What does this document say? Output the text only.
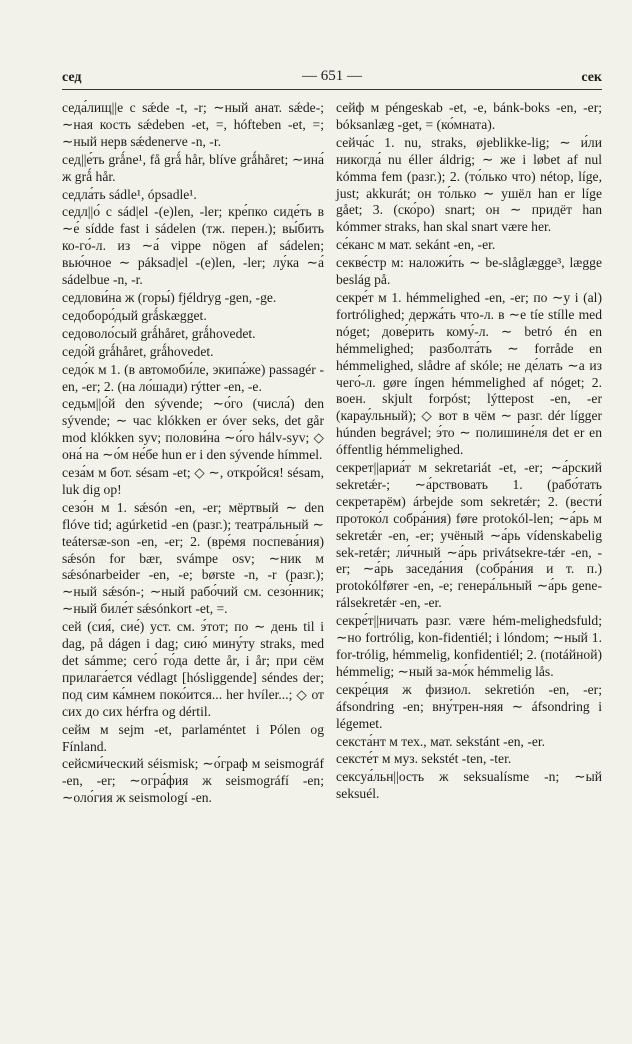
сед	— 651 —	сек

седа́лищ||е с sǽde -t, -r; ∼ный анат. sǽde-; ∼ная кость sǽdeben -et, =, hófteben -et, =; ∼ный нерв sǽdenerve -n, -r.

сед||е́ть grǻne¹, få grǻ hår, blíve grǻhåret; ∼ина́ ж grǻ hår.

седла́ть sádle¹, ópsadle¹.

седл||о́ с sád|el -(e)len, -ler; кре́пко сиде́ть в ∼е́ sídde fast i sádelen (тж. перен.); вы́бить ко-го́-л. из ∼а́ vippe nögen af sádelen; вью́чное ∼ páksad|el -(e)len, -ler; лу́ка ∼а́ sádelbue -n, -r.

седлови́на ж (горы́) fjéldryg -gen, -ge.

седоборо́дый grǻskægget.

седоволо́сый grǻhåret, grǻhovedet.

седо́й grǻhåret, grǻhovedet.

седо́к м 1. (в автомоби́ле, экипа́же) passagér -en, -er; 2. (на ло́шади) rýtter -en, -e.

седьм||о́й den sývende; ∼о́го (числа́) den sývende; ∼ час klókken er óver seks, det går mod klókken syv; полови́на ∼о́го hálv-syv; ◇ она́ на ∼о́м не́бе hun er i den sývende hímmel.

сеза́м м бот. sésam -et; ◇ ∼, откро́йся! sésam, luk dig op!

сезо́н м 1. sǽsón -en, -er; мёртвый ∼ den flóve tid; agúrketid -en (разг.); театра́льный ∼ teátersæ-son -en, -er; 2. (вре́мя поспева́ния) sǽsón for bær, svámpe osv; ∼ник м sǽsónarbeider -en, -e; børste -n, -r (разг.); ∼ный sǽsón-; ∼ный рабо́чий см. сезо́нник; ∼ный биле́т sǽsónkort -et, =.

сей (сия́, сие́) уст. см. э́тот; по ∼ день til i dag, på dágen i dag; сию́ мину́ту straks, med det sámme; сего́ го́да dette år, i år; при сём прилага́ется védlagt [hósliggende] séndes der; под сим ка́мнем поко́ится... her hvíler...; ◇ от сих до сих hérfra og dértil.

сейм м sejm -et, parlaméntet i Pólen og Fínland.

сейсми́ческий séismisk; ∼о́граф м seismográf -en, -er; ∼огра́фия ж seismográfí -en; ∼оло́гия ж seismologí -en.

сейф м péngeskab -et, -e, bánk-boks -en, -er; bóksanlæg -get, = (ко́мната).

сейча́с 1. nu, straks, øjeblikke-lig; ∼ и́ли никогда́ nu éller áldrig; ∼ же i løbet af nul kómma fem (разг.); 2. (то́лько что) nétop, líge, just; akkurát; он то́лько ∼ ушёл han er líge gået; 3. (ско́ро) snart; он ∼ придёт han kómmer straks, han skal snart være her.

се́канс м мат. sekánt -en, -er.

секве́стр м: наложи́ть ∼ be-slåglægge³, lægge beslág på.

секре́т м 1. hémmelighed -en, -er; по ∼у i (al) fortrólighed; держа́ть что-л. в ∼е tíe stílle med nóget; дове́рить кому́-л. ∼ betró én en hémmelighed; разболта́ть ∼ forråde en hémmelighed, slådre af skóle; не де́лать ∼а из чего́-л. gøre íngen hémmelighed af nóget; 2. воен. skjult forpóst; lýttepost -en, -er (карау́льный); ◇ вот в чём ∼ разг. dér lígger húnden begrável; э́то ∼ полишине́ля det er en óffentlig hémmelighed.

секрет||ариа́т м sekretariát -et, -er; ∼а́рский sekretǽr-; ∼а́рствовать 1. (рабо́тать секретарём) árbejde som sekretǽr; 2. (вести́ протоко́л собра́ния) føre protokól-len; ∼а́рь м sekretǽr -en, -er; учёный ∼а́рь vídenskabelig sek-retǽr; ли́чный ∼а́рь privátsekre-tǽr -en, -er; ∼а́рь заседа́ния (собра́ния и т. п.) protokólfører -en, -e; генера́льный ∼а́рь gene-rálsekretǽr -en, -er.

секре́т||ничать разг. være hém-melighedsfuld; ∼но fortrólig, kon-fidentiél; i lóndom; ∼ный 1. for-trólig, hémmelig, konfidentiél; 2. (пotáйной) hémmelig; ∼ный за-мо́к hémmelig lås.

секре́ция ж физиол. sekretión -en, -er; áfsondring -en; вну́трен-няя ∼ áfsondring i légemet.

секста́нт м тех., мат. sekstánt -en, -er.

сексте́т м муз. sekstét -ten, -ter.

сексуа́льн||ость ж seksualísme -n; ∼ый seksuél.
